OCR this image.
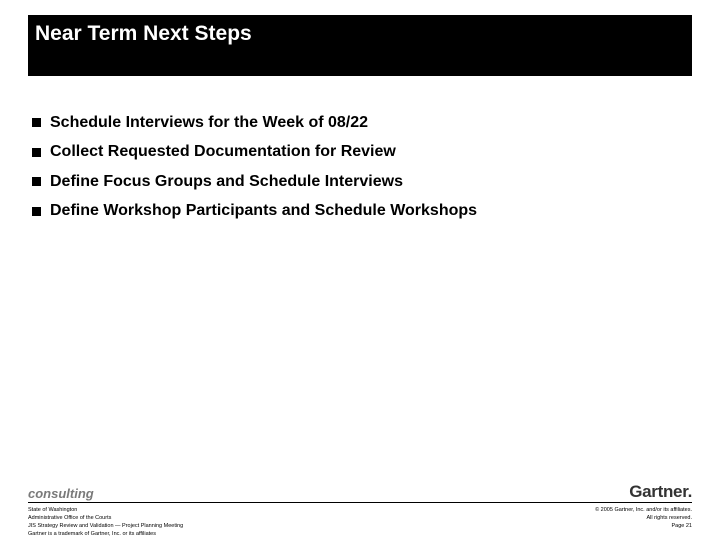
Near Term Next Steps
Schedule Interviews for the Week of 08/22
Collect Requested Documentation for Review
Define Focus Groups and Schedule Interviews
Define Workshop Participants and Schedule Workshops
consulting	Gartner.
State of Washington
Administrative Office of the Courts
JIS Strategy Review and Validation — Project Planning Meeting
Gartner is a trademark of Gartner, Inc. or its affiliates
© 2005 Gartner, Inc. and/or its affiliates.
All rights reserved.
Page 21
